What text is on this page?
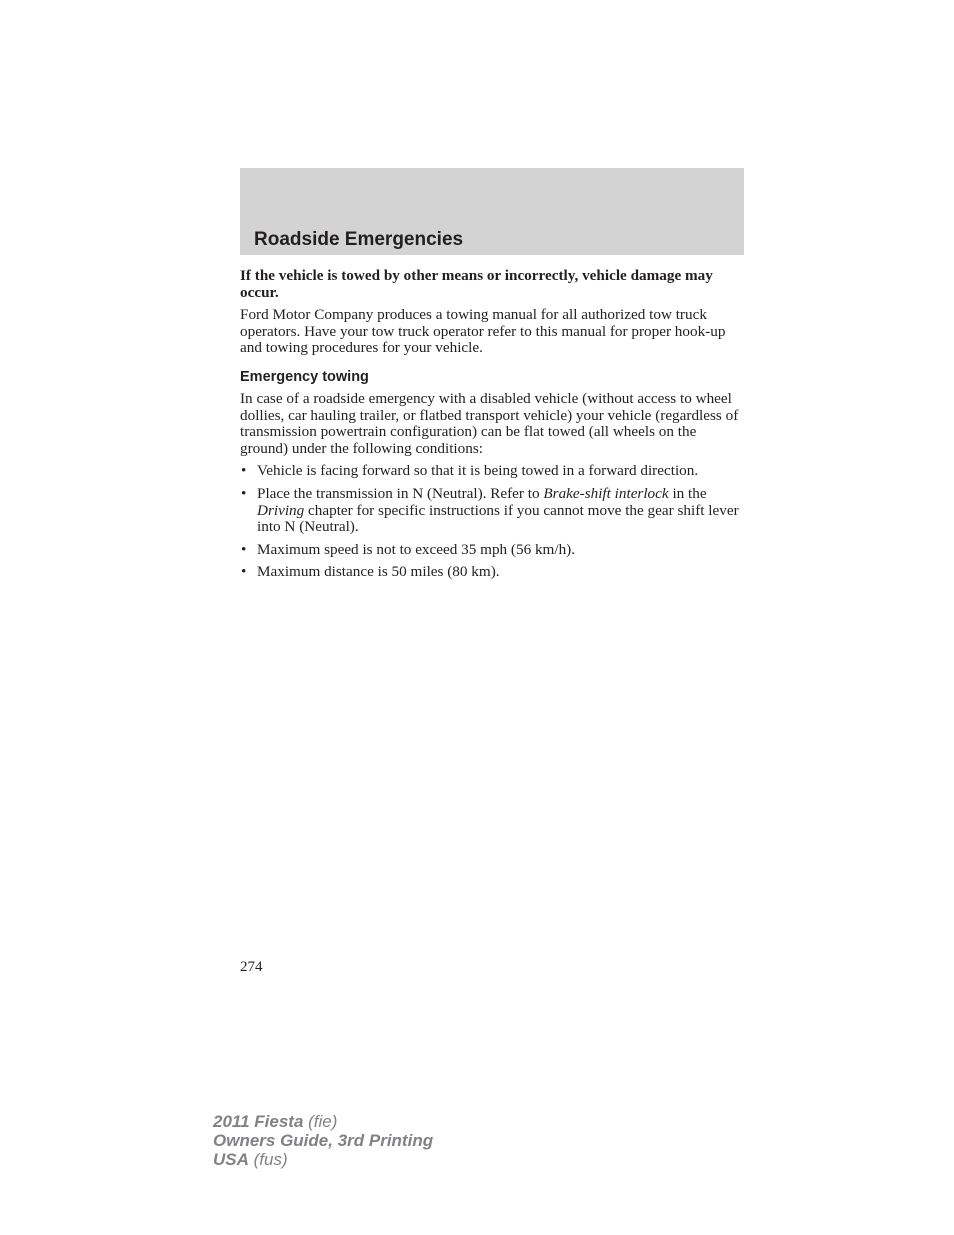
Roadside Emergencies

If the vehicle is towed by other means or incorrectly, vehicle damage may occur.

Ford Motor Company produces a towing manual for all authorized tow truck operators. Have your tow truck operator refer to this manual for proper hook-up and towing procedures for your vehicle.

Emergency towing

In case of a roadside emergency with a disabled vehicle (without access to wheel dollies, car hauling trailer, or flatbed transport vehicle) your vehicle (regardless of transmission powertrain configuration) can be flat towed (all wheels on the ground) under the following conditions:

• Vehicle is facing forward so that it is being towed in a forward direction.
• Place the transmission in N (Neutral). Refer to Brake-shift interlock in the Driving chapter for specific instructions if you cannot move the gear shift lever into N (Neutral).
• Maximum speed is not to exceed 35 mph (56 km/h).
• Maximum distance is 50 miles (80 km).
274
2011 Fiesta (fie)
Owners Guide, 3rd Printing
USA (fus)
